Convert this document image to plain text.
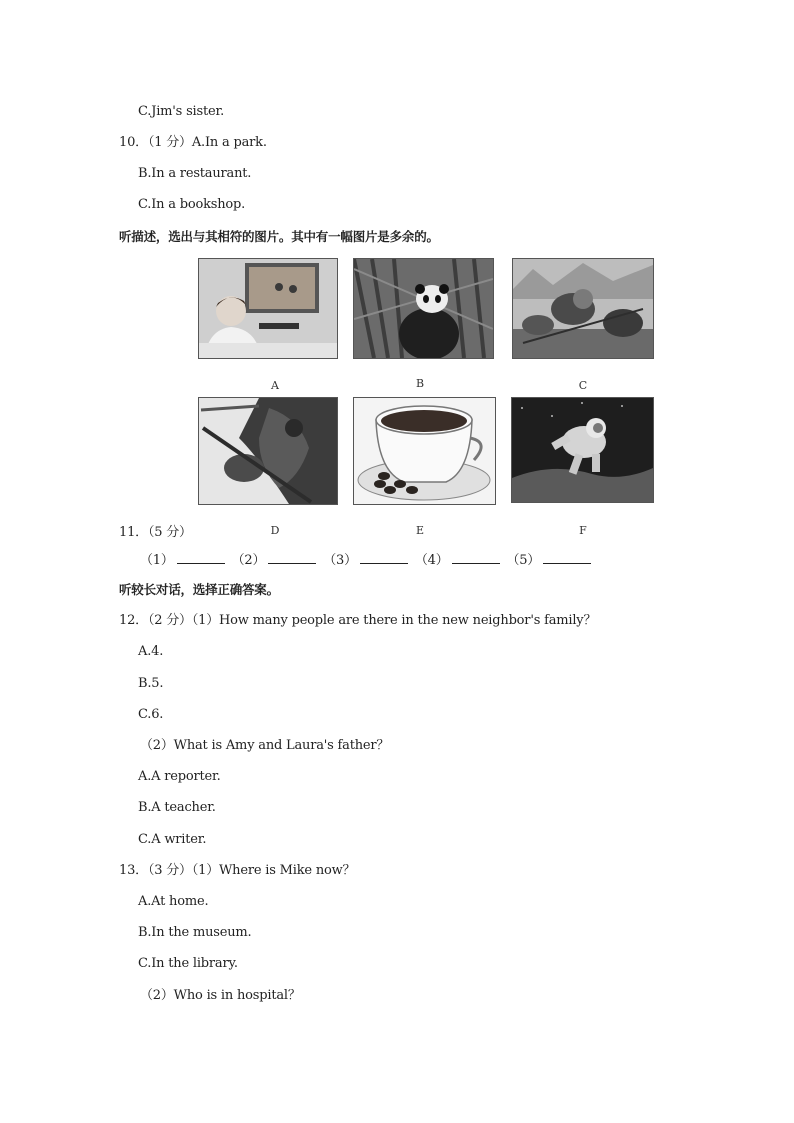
C.Jim's sister.
10．（1 分）A.In a park.
B.In a restaurant.
C.In a bookshop.
听描述，选出与其相符的图片。其中有一幅图片是多余的。
A	B	C
D	E	F
11．（5 分）
（1）	（2）	（3）	（4）	（5）
听较长对话，选择正确答案。
12．（2 分）（1）How many people are there in the new neighbor's family？
A.4.
B.5.
C.6.
（2）What is Amy and Laura's father？
A.A reporter.
B.A teacher.
C.A writer.
13．（3 分）（1）Where is Mike now？
A.At home.
B.In the museum.
C.In the library.
（2）Who is in hospital？
